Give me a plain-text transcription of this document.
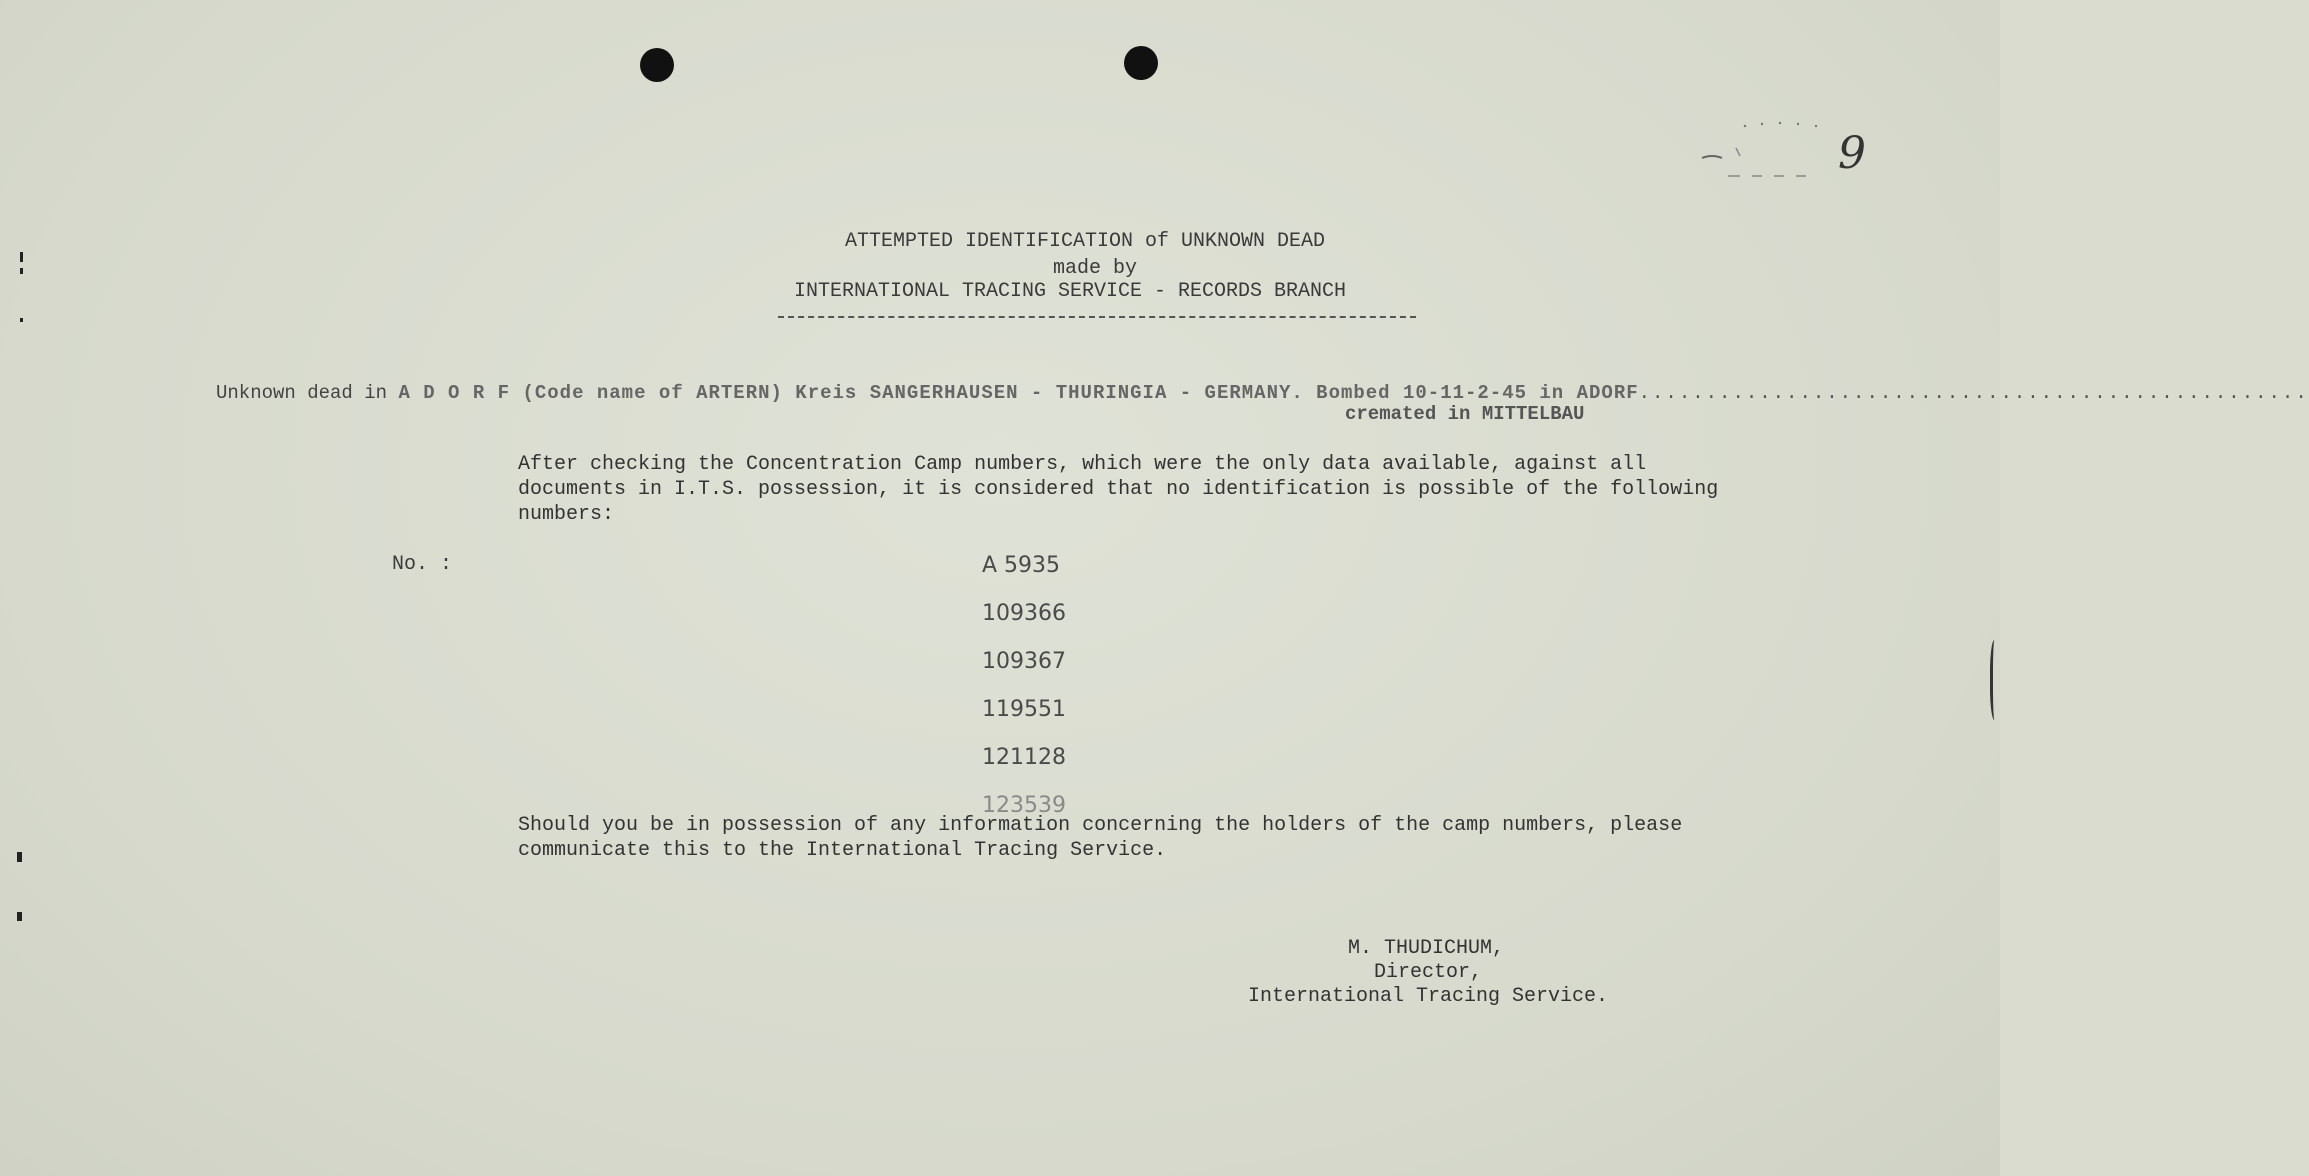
9
ATTEMPTED IDENTIFICATION of UNKNOWN DEAD
made by
INTERNATIONAL TRACING SERVICE - RECORDS BRANCH
Unknown dead in A D O R F (Code name of ARTERN) Kreis SANGERHAUSEN - THURINGIA - GERMANY. Bombed 10-11-2-45 in ADORF..................................................
cremated in MITTELBAU
After checking the Concentration Camp numbers, which were the only data available, against all documents in I.T.S. possession, it is considered that no identification is possible of the following numbers:
No. :	A 5935
109366
109367
119551
121128
123539
Should you be in possession of any information concerning the holders of the camp numbers, please communicate this to the International Tracing Service.
M. THUDICHUM,
Director,
International Tracing Service.
